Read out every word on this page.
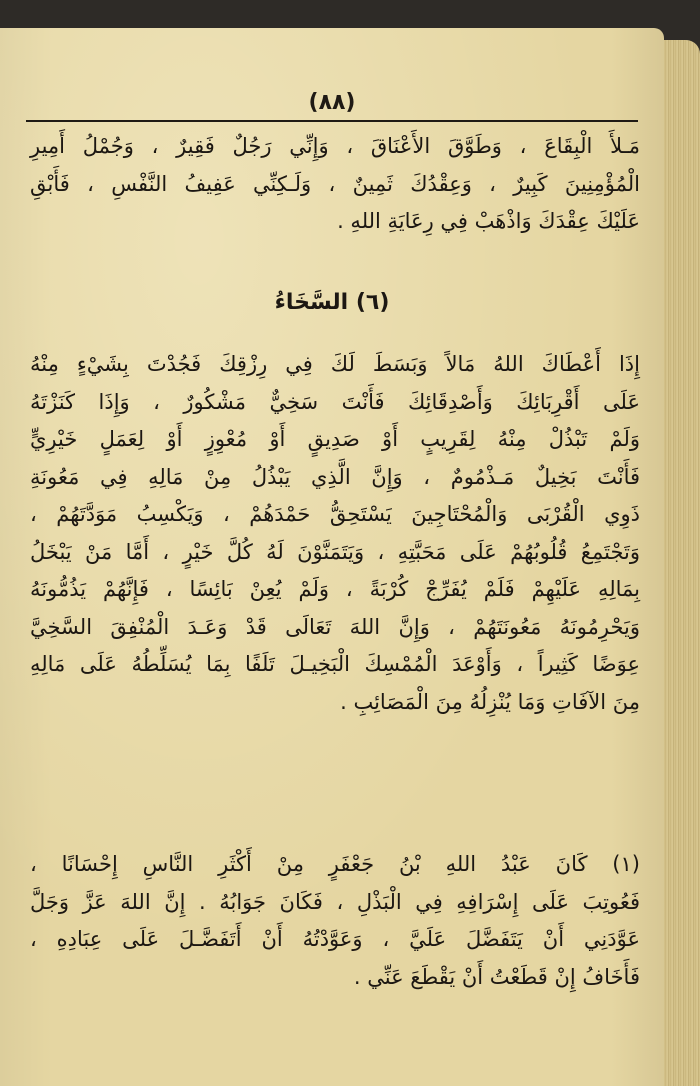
(٨٨)
مَـلأَ الْبِقَاعَ ، وَطَوَّقَ الأَعْنَاقَ ، وَإِنِّي رَجُلٌ فَقِيرٌ ، وَجُمْلُ أَمِيرِ
الْمُؤْمِنِينَ كَبِيرٌ ، وَعِقْدُكَ ثَمِينٌ ، وَلَـكِنِّي عَفِيفُ النَّفْسِ ، فَأَبْقِ
عَلَيْكَ عِقْدَكَ وَاذْهَبْ فِي رِعَايَةِ اللهِ .
(٦) السَّخَاءُ
إِذَا أَعْطَاكَ اللهُ مَالاً وَبَسَطَ لَكَ فِي رِزْقِكَ فَجُدْتَ بِشَيْءٍ مِنْهُ
عَلَى أَقْرِبَائِكَ وَأَصْدِقَائِكَ فَأَنْتَ سَخِيٌّ مَشْكُورٌ ، وَإِذَا كَنَزْتَهُ
وَلَمْ تَبْذُلْ مِنْهُ لِقَرِيبٍ أَوْ صَدِيقٍ أَوْ مُعْوِزٍ أَوْ لِعَمَلٍ خَيْرِيٍّ
فَأَنْتَ بَخِيلٌ مَـذْمُومٌ ، وَإِنَّ الَّذِي يَبْذُلُ مِنْ مَالِهِ فِي مَعُونَةِ
ذَوِي الْقُرْبَى وَالْمُحْتَاجِينَ يَسْتَحِقُّ حَمْدَهُمْ ، وَيَكْسِبُ مَوَدَّتَهُمْ ،
وَتَجْتَمِعُ قُلُوبُهُمْ عَلَى مَحَبَّتِهِ ، وَيَتَمَنَّوْنَ لَهُ كُلَّ خَيْرٍ ، أَمَّا مَنْ يَبْخَلُ
بِمَالِهِ عَلَيْهِمْ فَلَمْ يُفَرِّجْ كُرْبَةً ، وَلَمْ يُعِنْ بَائِسًا ، فَإِنَّهُمْ يَذُمُّونَهُ
وَيَحْرِمُونَهُ مَعُونَتَهُمْ ، وَإِنَّ اللهَ تَعَالَى قَدْ وَعَـدَ الْمُنْفِقَ السَّخِيَّ
عِوَضًا كَثِيراً ، وَأَوْعَدَ الْمُمْسِكَ الْبَخِيـلَ تَلَفًا بِمَا يُسَلِّطُهُ عَلَى مَالِهِ
مِنَ الآفَاتِ وَمَا يُنْزِلُهُ مِنَ الْمَصَائِبِ .
(١) كَانَ عَبْدُ اللهِ بْنُ جَعْفَرٍ مِنْ أَكْثَرِ النَّاسِ إِحْسَانًا ،
فَعُوتِبَ عَلَى إِسْرَافِهِ فِي الْبَذْلِ ، فَكَانَ جَوَابُهُ . إِنَّ اللهَ عَزَّ وَجَلَّ
عَوَّدَنِي أَنْ يَتَفَضَّلَ عَلَيَّ ، وَعَوَّدْتُهُ أَنْ أَتَفَضَّـلَ عَلَى عِبَادِهِ ،
فَأَخَافُ إِنْ قَطَعْتُ أَنْ يَقْطَعَ عَنِّي .
